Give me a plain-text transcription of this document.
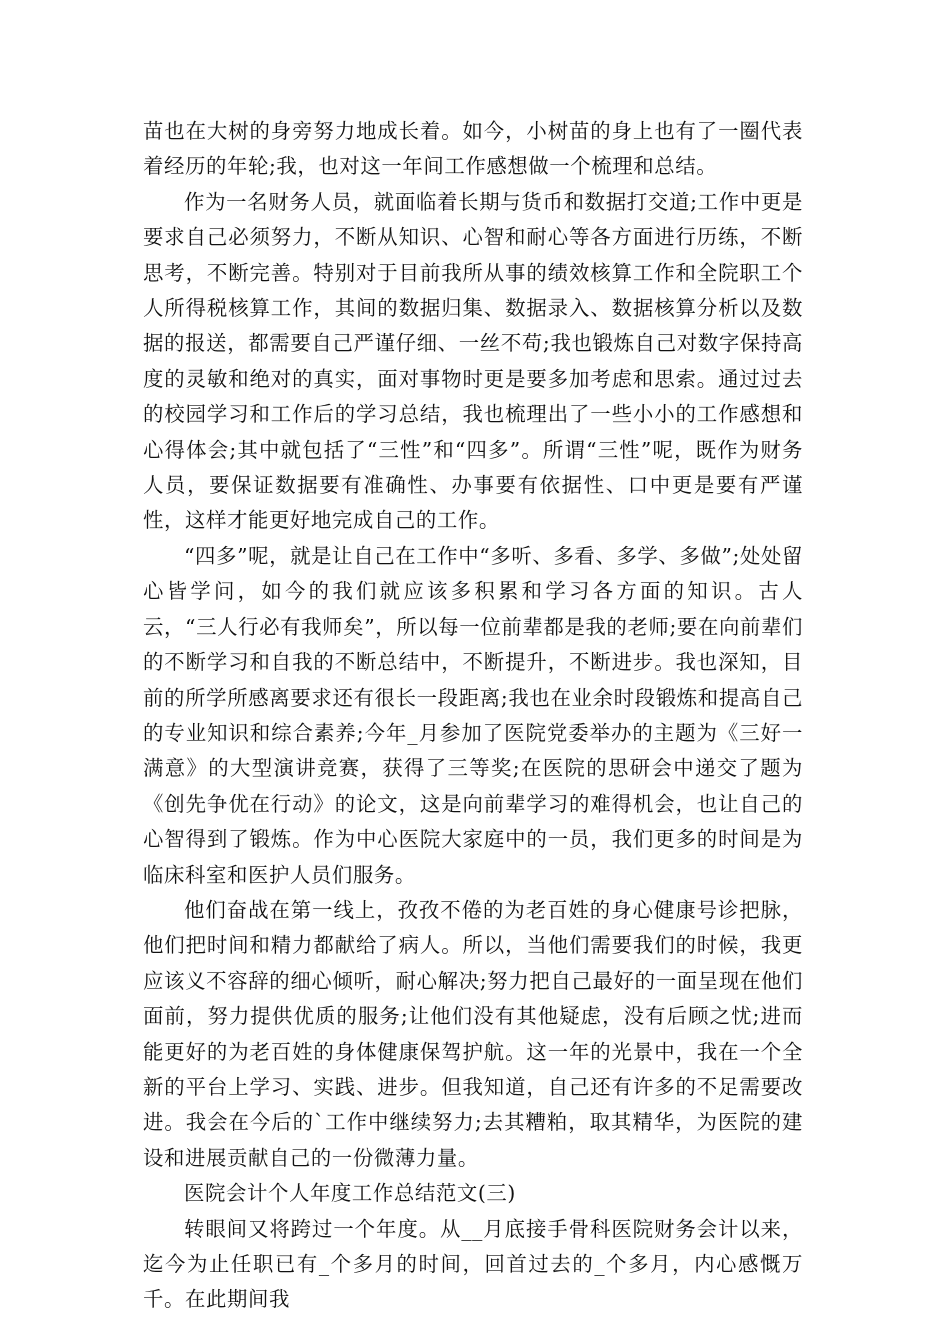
苗也在大树的身旁努力地成长着。如今，小树苗的身上也有了一圈代表着经历的年轮;我，也对这一年间工作感想做一个梳理和总结。

作为一名财务人员，就面临着长期与货币和数据打交道;工作中更是要求自己必须努力，不断从知识、心智和耐心等各方面进行历练，不断思考，不断完善。特别对于目前我所从事的绩效核算工作和全院职工个人所得税核算工作，其间的数据归集、数据录入、数据核算分析以及数据的报送，都需要自己严谨仔细、一丝不苟;我也锻炼自己对数字保持高度的灵敏和绝对的真实，面对事物时更是要多加考虑和思索。通过过去的校园学习和工作后的学习总结，我也梳理出了一些小小的工作感想和心得体会;其中就包括了“三性”和“四多”。所谓“三性”呢，既作为财务人员，要保证数据要有准确性、办事要有依据性、口中更是要有严谨性，这样才能更好地完成自己的工作。

“四多”呢，就是让自己在工作中“多听、多看、多学、多做”;处处留心皆学问，如今的我们就应该多积累和学习各方面的知识。古人云，“三人行必有我师矣”，所以每一位前辈都是我的老师;要在向前辈们的不断学习和自我的不断总结中，不断提升，不断进步。我也深知，目前的所学所感离要求还有很长一段距离;我也在业余时段锻炼和提高自己的专业知识和综合素养;今年_月参加了医院党委举办的主题为《三好一满意》的大型演讲竞赛，获得了三等奖;在医院的思研会中递交了题为《创先争优在行动》的论文，这是向前辈学习的难得机会，也让自己的心智得到了锻炼。作为中心医院大家庭中的一员，我们更多的时间是为临床科室和医护人员们服务。

他们奋战在第一线上，孜孜不倦的为老百姓的身心健康号诊把脉，他们把时间和精力都献给了病人。所以，当他们需要我们的时候，我更应该义不容辞的细心倾听，耐心解决;努力把自己最好的一面呈现在他们面前，努力提供优质的服务;让他们没有其他疑虑，没有后顾之忧;进而能更好的为老百姓的身体健康保驾护航。这一年的光景中，我在一个全新的平台上学习、实践、进步。但我知道，自己还有许多的不足需要改进。我会在今后的`工作中继续努力;去其糟粕，取其精华，为医院的建设和进展贡献自己的一份微薄力量。

医院会计个人年度工作总结范文(三)

转眼间又将跨过一个年度。从__月底接手骨科医院财务会计以来，迄今为止任职已有_个多月的时间，回首过去的_个多月，内心感慨万千。在此期间我
